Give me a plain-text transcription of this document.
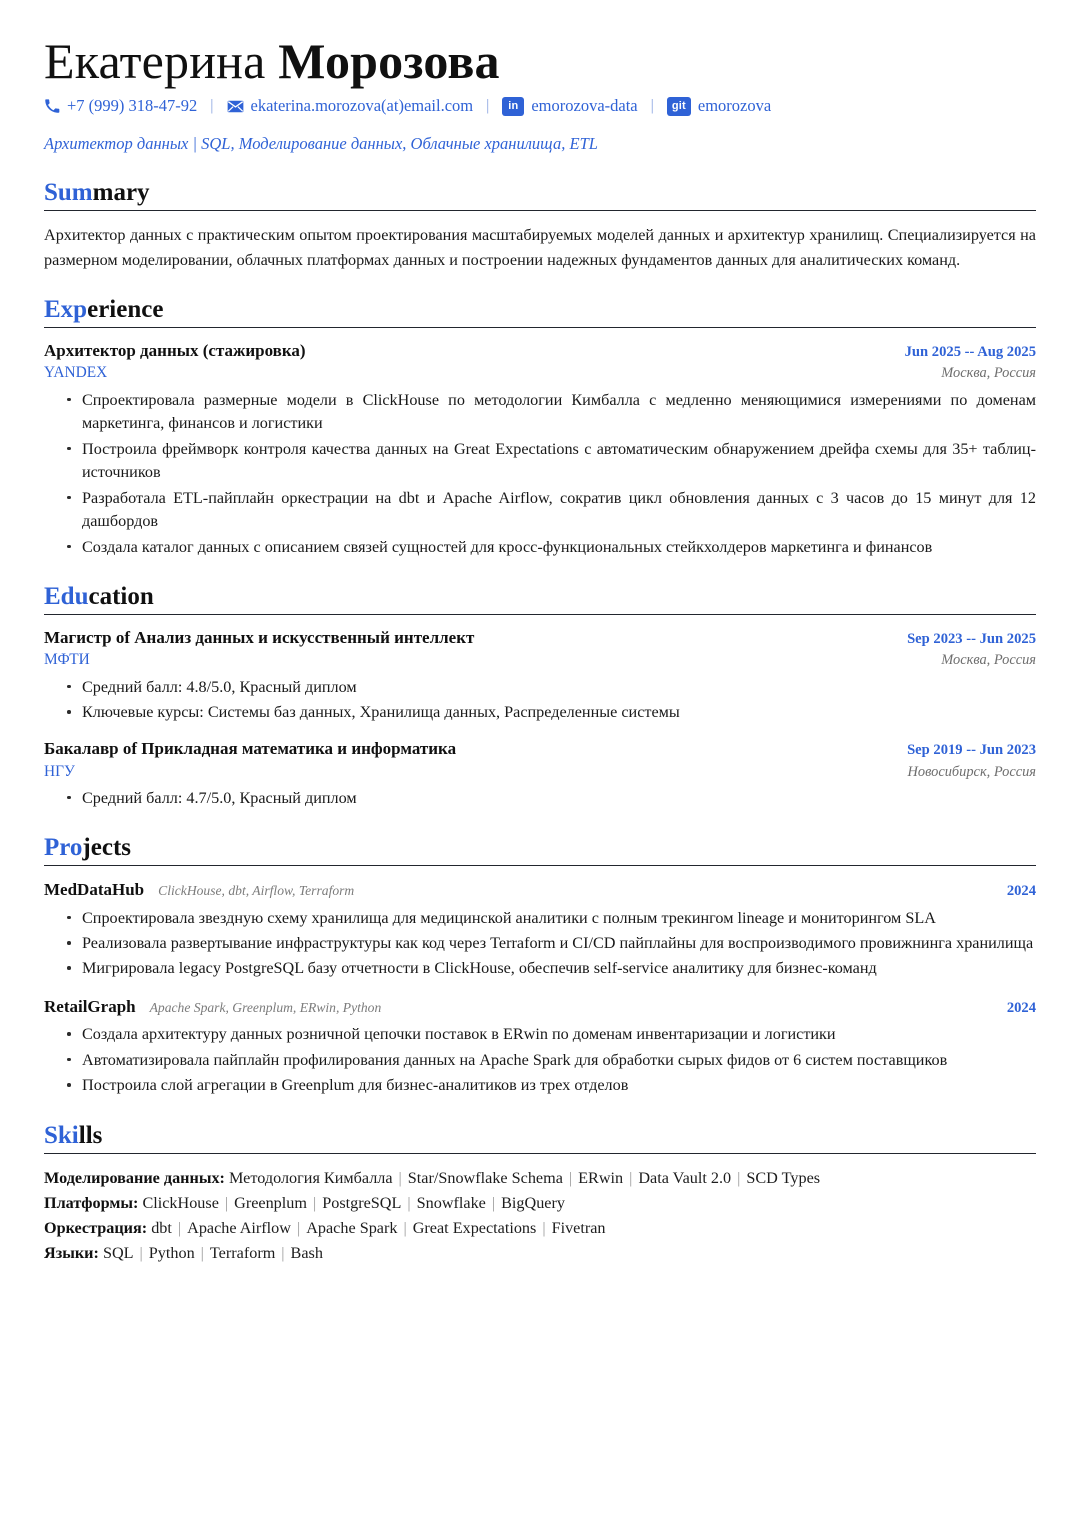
Екатерина Морозова
+7 (999) 318-47-92 |	ekaterina.morozova(at)email.com |	in emorozova-data |	git emorozova
Архитектор данных | SQL, Моделирование данных, Облачные хранилища, ETL
Summary

Архитектор данных с практическим опытом проектирования масштабируемых моделей данных и архитектур хранилищ. Специализируется на размерном моделировании, облачных платформах данных и построении надежных фундаментов данных для аналитических команд.

Experience
Архитектор данных (стажировка)	Jun 2025 -- Aug 2025
YANDEX	Москва, Россия
Спроектировала размерные модели в ClickHouse по методологии Кимбалла с медленно меняющимися измерениями по доменам маркетинга, финансов и логистики
Построила фреймворк контроля качества данных на Great Expectations с автоматическим обнаружением дрейфа схемы для 35+ таблиц-источников
Разработала ETL-пайплайн оркестрации на dbt и Apache Airflow, сократив цикл обновления данных с 3 часов до 15 минут для 12 дашбордов
Создала каталог данных с описанием связей сущностей для кросс-функциональных стейкхолдеров маркетинга и финансов
Education
Магистр of Анализ данных и искусственный интеллект	Sep 2023 -- Jun 2025
МФТИ	Москва, Россия
Средний балл: 4.8/5.0, Красный диплом
Ключевые курсы: Системы баз данных, Хранилища данных, Распределенные системы
Бакалавр of Прикладная математика и информатика	Sep 2019 -- Jun 2023
НГУ	Новосибирск, Россия
Средний балл: 4.7/5.0, Красный диплом
Projects
MedDataHub	ClickHouse, dbt, Airflow, Terraform	2024
Спроектировала звездную схему хранилища для медицинской аналитики с полным трекингом lineage и мониторингом SLA
Реализовала развертывание инфраструктуры как код через Terraform и CI/CD пайплайны для воспроизводимого провижнинга хранилища
Мигрировала legacy PostgreSQL базу отчетности в ClickHouse, обеспечив self-service аналитику для бизнес-команд
RetailGraph	Apache Spark, Greenplum, ERwin, Python	2024
Создала архитектуру данных розничной цепочки поставок в ERwin по доменам инвентаризации и логистики
Автоматизировала пайплайн профилирования данных на Apache Spark для обработки сырых фидов от 6 систем поставщиков
Построила слой агрегации в Greenplum для бизнес-аналитиков из трех отделов
Skills
Моделирование данных: Методология Кимбалла | Star/Snowflake Schema | ERwin | Data Vault 2.0 | SCD Types
Платформы: ClickHouse | Greenplum | PostgreSQL | Snowflake | BigQuery
Оркестрация: dbt | Apache Airflow | Apache Spark | Great Expectations | Fivetran
Языки: SQL | Python | Terraform | Bash
